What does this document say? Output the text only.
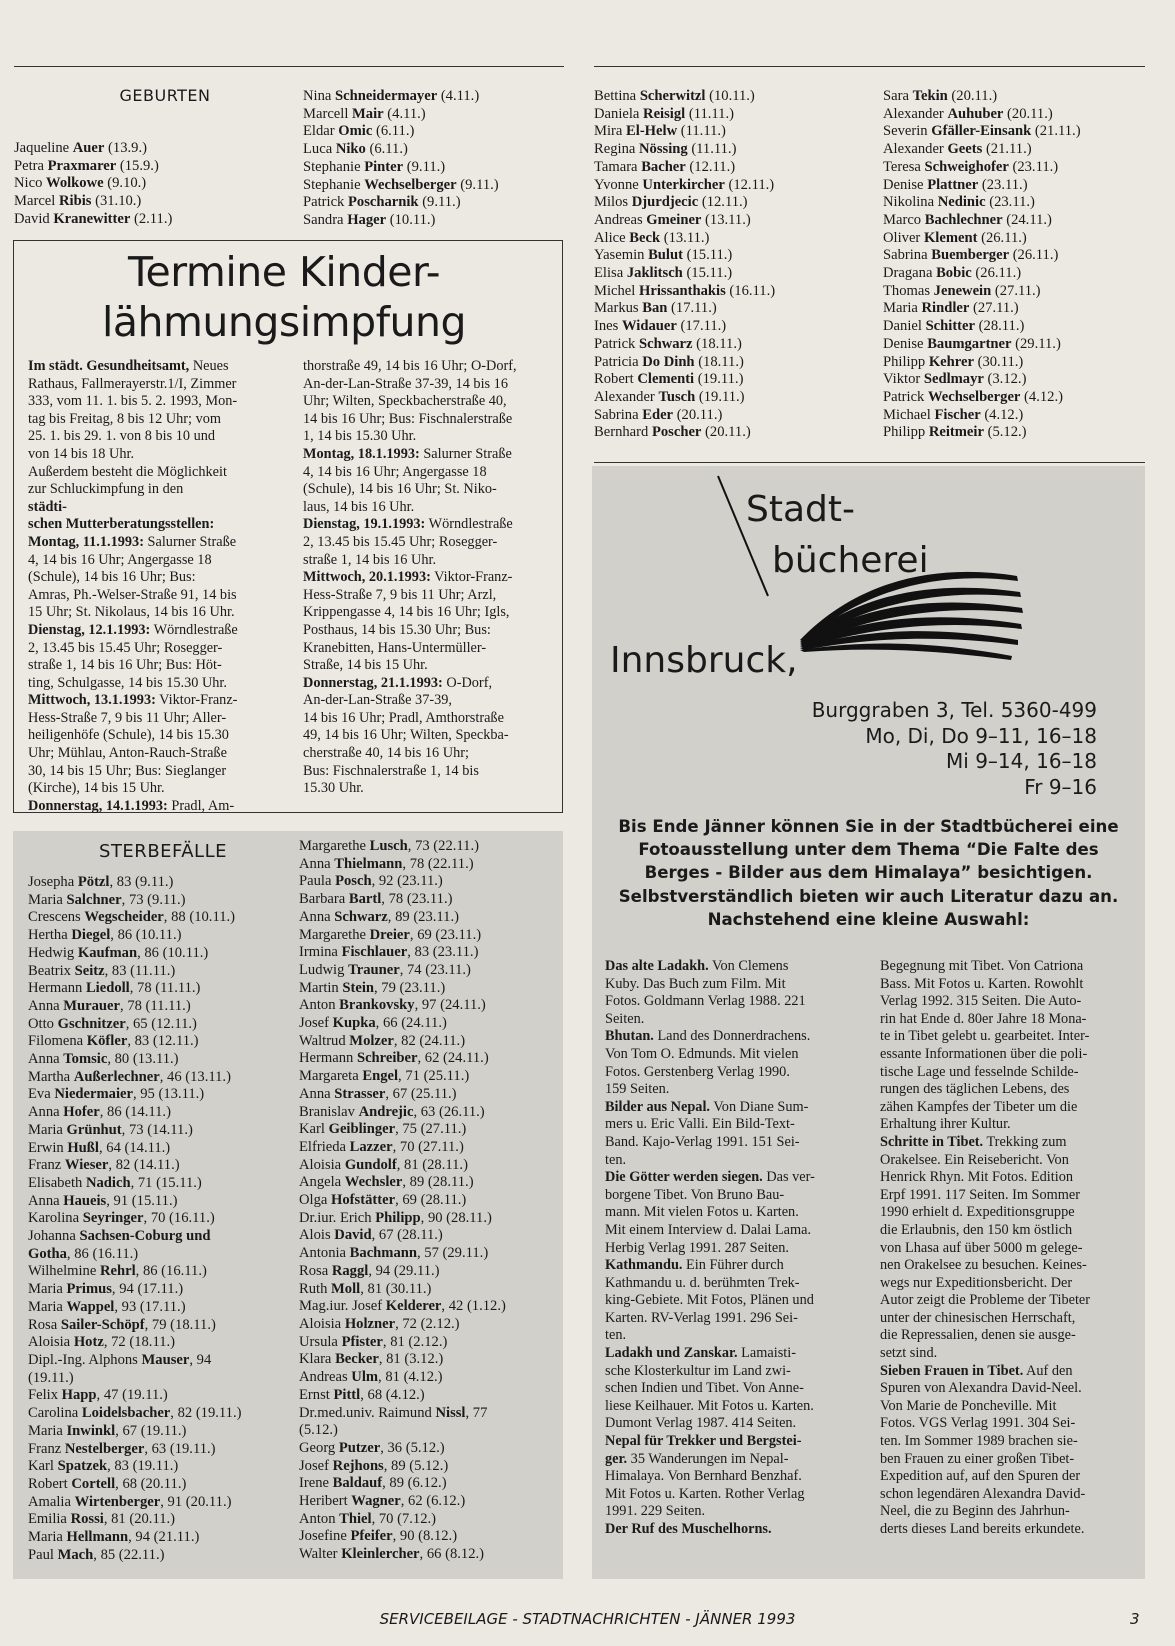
GEBURTEN
Jaqueline Auer (13.9.)
Petra Praxmarer (15.9.)
Nico Wolkowe (9.10.)
Marcel Ribis (31.10.)
David Kranewitter (2.11.)
Nina Schneidermayer (4.11.)
Marcell Mair (4.11.)
Eldar Omic (6.11.)
Luca Niko (6.11.)
Stephanie Pinter (9.11.)
Stephanie Wechselberger (9.11.)
Patrick Poscharnik (9.11.)
Sandra Hager (10.11.)
Bettina Scherwitzl (10.11.)
Daniela Reisigl (11.11.)
Mira El-Helw (11.11.)
Regina Nössing (11.11.)
Tamara Bacher (12.11.)
Yvonne Unterkircher (12.11.)
Milos Djurdjecic (12.11.)
Andreas Gmeiner (13.11.)
Alice Beck (13.11.)
Yasemin Bulut (15.11.)
Elisa Jaklitsch (15.11.)
Michel Hrissanthakis (16.11.)
Markus Ban (17.11.)
Ines Widauer (17.11.)
Patrick Schwarz (18.11.)
Patricia Do Dinh (18.11.)
Robert Clementi (19.11.)
Alexander Tusch (19.11.)
Sabrina Eder (20.11.)
Bernhard Poscher (20.11.)
Sara Tekin (20.11.)
Alexander Auhuber (20.11.)
Severin Gfäller-Einsank (21.11.)
Alexander Geets (21.11.)
Teresa Schweighofer (23.11.)
Denise Plattner (23.11.)
Nikolina Nedinic (23.11.)
Marco Bachlechner (24.11.)
Oliver Klement (26.11.)
Sabrina Buemberger (26.11.)
Dragana Bobic (26.11.)
Thomas Jenewein (27.11.)
Maria Rindler (27.11.)
Daniel Schitter (28.11.)
Denise Baumgartner (29.11.)
Philipp Kehrer (30.11.)
Viktor Sedlmayr (3.12.)
Patrick Wechselberger (4.12.)
Michael Fischer (4.12.)
Philipp Reitmeir (5.12.)
Termine Kinder-
lähmungsimpfung
Im städt. Gesundheitsamt, Neues
Rathaus, Fallmerayerstr.1/I, Zimmer
333, vom 11. 1. bis 5. 2. 1993, Mon-
tag bis Freitag, 8 bis 12 Uhr; vom
25. 1. bis 29. 1. von 8 bis 10 und
von 14 bis 18 Uhr.
Außerdem besteht die Möglichkeit
zur Schluckimpfung in den
städti-
schen Mutterberatungsstellen:
Montag, 11.1.1993: Salurner Straße
4, 14 bis 16 Uhr; Angergasse 18
(Schule), 14 bis 16 Uhr; Bus:
Amras, Ph.-Welser-Straße 91, 14 bis
15 Uhr; St. Nikolaus, 14 bis 16 Uhr.
Dienstag, 12.1.1993: Wörndlestraße
2, 13.45 bis 15.45 Uhr; Rosegger-
straße 1, 14 bis 16 Uhr; Bus: Höt-
ting, Schulgasse, 14 bis 15.30 Uhr.
Mittwoch, 13.1.1993: Viktor-Franz-
Hess-Straße 7, 9 bis 11 Uhr; Aller-
heiligenhöfe (Schule), 14 bis 15.30
Uhr; Mühlau, Anton-Rauch-Straße
30, 14 bis 15 Uhr; Bus: Sieglanger
(Kirche), 14 bis 15 Uhr.
Donnerstag, 14.1.1993: Pradl, Am-
thorstraße 49, 14 bis 16 Uhr; O-Dorf,
An-der-Lan-Straße 37-39, 14 bis 16
Uhr; Wilten, Speckbacherstraße 40,
14 bis 16 Uhr; Bus: Fischnalerstraße
1, 14 bis 15.30 Uhr.
Montag, 18.1.1993: Salurner Straße
4, 14 bis 16 Uhr; Angergasse 18
(Schule), 14 bis 16 Uhr; St. Niko-
laus, 14 bis 16 Uhr.
Dienstag, 19.1.1993: Wörndlestraße
2, 13.45 bis 15.45 Uhr; Rosegger-
straße 1, 14 bis 16 Uhr.
Mittwoch, 20.1.1993: Viktor-Franz-
Hess-Straße 7, 9 bis 11 Uhr; Arzl,
Krippengasse 4, 14 bis 16 Uhr; Igls,
Posthaus, 14 bis 15.30 Uhr; Bus:
Kranebitten, Hans-Untermüller-
Straße, 14 bis 15 Uhr.
Donnerstag, 21.1.1993: O-Dorf,
An-der-Lan-Straße 37-39,
14 bis 16 Uhr; Pradl, Amthorstraße
49, 14 bis 16 Uhr; Wilten, Speckba-
cherstraße 40, 14 bis 16 Uhr;
Bus: Fischnalerstraße 1, 14 bis
15.30 Uhr.
STERBEFÄLLE
Josepha Pötzl, 83 (9.11.)
Maria Salchner, 73 (9.11.)
Crescens Wegscheider, 88 (10.11.)
Hertha Diegel, 86 (10.11.)
Hedwig Kaufman, 86 (10.11.)
Beatrix Seitz, 83 (11.11.)
Hermann Liedoll, 78 (11.11.)
Anna Murauer, 78 (11.11.)
Otto Gschnitzer, 65 (12.11.)
Filomena Köfler, 83 (12.11.)
Anna Tomsic, 80 (13.11.)
Martha Außerlechner, 46 (13.11.)
Eva Niedermaier, 95 (13.11.)
Anna Hofer, 86 (14.11.)
Maria Grünhut, 73 (14.11.)
Erwin Hußl, 64 (14.11.)
Franz Wieser, 82 (14.11.)
Elisabeth Nadich, 71 (15.11.)
Anna Haueis, 91 (15.11.)
Karolina Seyringer, 70 (16.11.)
Johanna Sachsen-Coburg und
Gotha, 86 (16.11.)
Wilhelmine Rehrl, 86 (16.11.)
Maria Primus, 94 (17.11.)
Maria Wappel, 93 (17.11.)
Rosa Sailer-Schöpf, 79 (18.11.)
Aloisia Hotz, 72 (18.11.)
Dipl.-Ing. Alphons Mauser, 94
(19.11.)
Felix Happ, 47 (19.11.)
Carolina Loidelsbacher, 82 (19.11.)
Maria Inwinkl, 67 (19.11.)
Franz Nestelberger, 63 (19.11.)
Karl Spatzek, 83 (19.11.)
Robert Cortell, 68 (20.11.)
Amalia Wirtenberger, 91 (20.11.)
Emilia Rossi, 81 (20.11.)
Maria Hellmann, 94 (21.11.)
Paul Mach, 85 (22.11.)
Margarethe Lusch, 73 (22.11.)
Anna Thielmann, 78 (22.11.)
Paula Posch, 92 (23.11.)
Barbara Bartl, 78 (23.11.)
Anna Schwarz, 89 (23.11.)
Margarethe Dreier, 69 (23.11.)
Irmina Fischlauer, 83 (23.11.)
Ludwig Trauner, 74 (23.11.)
Martin Stein, 79 (23.11.)
Anton Brankovsky, 97 (24.11.)
Josef Kupka, 66 (24.11.)
Waltrud Molzer, 82 (24.11.)
Hermann Schreiber, 62 (24.11.)
Margareta Engel, 71 (25.11.)
Anna Strasser, 67 (25.11.)
Branislav Andrejic, 63 (26.11.)
Karl Geiblinger, 75 (27.11.)
Elfrieda Lazzer, 70 (27.11.)
Aloisia Gundolf, 81 (28.11.)
Angela Wechsler, 89 (28.11.)
Olga Hofstätter, 69 (28.11.)
Dr.iur. Erich Philipp, 90 (28.11.)
Alois David, 67 (28.11.)
Antonia Bachmann, 57 (29.11.)
Rosa Raggl, 94 (29.11.)
Ruth Moll, 81 (30.11.)
Mag.iur. Josef Kelderer, 42 (1.12.)
Aloisia Holzner, 72 (2.12.)
Ursula Pfister, 81 (2.12.)
Klara Becker, 81 (3.12.)
Andreas Ulm, 81 (4.12.)
Ernst Pittl, 68 (4.12.)
Dr.med.univ. Raimund Nissl, 77
(5.12.)
Georg Putzer, 36 (5.12.)
Josef Rejhons, 89 (5.12.)
Irene Baldauf, 89 (6.12.)
Heribert Wagner, 62 (6.12.)
Anton Thiel, 70 (7.12.)
Josefine Pfeifer, 90 (8.12.)
Walter Kleinlercher, 66 (8.12.)
Stadt-
bücherei
Innsbruck,
Burggraben 3, Tel. 5360-499
Mo, Di, Do 9–11, 16–18
Mi 9–14, 16–18
Fr 9–16
Bis Ende Jänner können Sie in der Stadtbücherei eine
Fotoausstellung unter dem Thema “Die Falte des
Berges - Bilder aus dem Himalaya” besichtigen.
Selbstverständlich bieten wir auch Literatur dazu an.
Nachstehend eine kleine Auswahl:
Das alte Ladakh. Von Clemens
Kuby. Das Buch zum Film. Mit
Fotos. Goldmann Verlag 1988. 221
Seiten.
Bhutan. Land des Donnerdrachens.
Von Tom O. Edmunds. Mit vielen
Fotos. Gerstenberg Verlag 1990.
159 Seiten.
Bilder aus Nepal. Von Diane Sum-
mers u. Eric Valli. Ein Bild-Text-
Band. Kajo-Verlag 1991. 151 Sei-
ten.
Die Götter werden siegen. Das ver-
borgene Tibet. Von Bruno Bau-
mann. Mit vielen Fotos u. Karten.
Mit einem Interview d. Dalai Lama.
Herbig Verlag 1991. 287 Seiten.
Kathmandu. Ein Führer durch
Kathmandu u. d. berühmten Trek-
king-Gebiete. Mit Fotos, Plänen und
Karten. RV-Verlag 1991. 296 Sei-
ten.
Ladakh und Zanskar. Lamaisti-
sche Klosterkultur im Land zwi-
schen Indien und Tibet. Von Anne-
liese Keilhauer. Mit Fotos u. Karten.
Dumont Verlag 1987. 414 Seiten.
Nepal für Trekker und Bergstei-
ger. 35 Wanderungen im Nepal-
Himalaya. Von Bernhard Benzhaf.
Mit Fotos u. Karten. Rother Verlag
1991. 229 Seiten.
Der Ruf des Muschelhorns.
Begegnung mit Tibet. Von Catriona
Bass. Mit Fotos u. Karten. Rowohlt
Verlag 1992. 315 Seiten. Die Auto-
rin hat Ende d. 80er Jahre 18 Mona-
te in Tibet gelebt u. gearbeitet. Inter-
essante Informationen über die poli-
tische Lage und fesselnde Schilde-
rungen des täglichen Lebens, des
zähen Kampfes der Tibeter um die
Erhaltung ihrer Kultur.
Schritte in Tibet. Trekking zum
Orakelsee. Ein Reisebericht. Von
Henrick Rhyn. Mit Fotos. Edition
Erpf 1991. 117 Seiten. Im Sommer
1990 erhielt d. Expeditionsgruppe
die Erlaubnis, den 150 km östlich
von Lhasa auf über 5000 m gelege-
nen Orakelsee zu besuchen. Keines-
wegs nur Expeditionsbericht. Der
Autor zeigt die Probleme der Tibeter
unter der chinesischen Herrschaft,
die Repressalien, denen sie ausge-
setzt sind.
Sieben Frauen in Tibet. Auf den
Spuren von Alexandra David-Neel.
Von Marie de Poncheville. Mit
Fotos. VGS Verlag 1991. 304 Sei-
ten. Im Sommer 1989 brachen sie-
ben Frauen zu einer großen Tibet-
Expedition auf, auf den Spuren der
schon legendären Alexandra David-
Neel, die zu Beginn des Jahrhun-
derts dieses Land bereits erkundete.
SERVICEBEILAGE - STADTNACHRICHTEN - JÄNNER 1993	3
